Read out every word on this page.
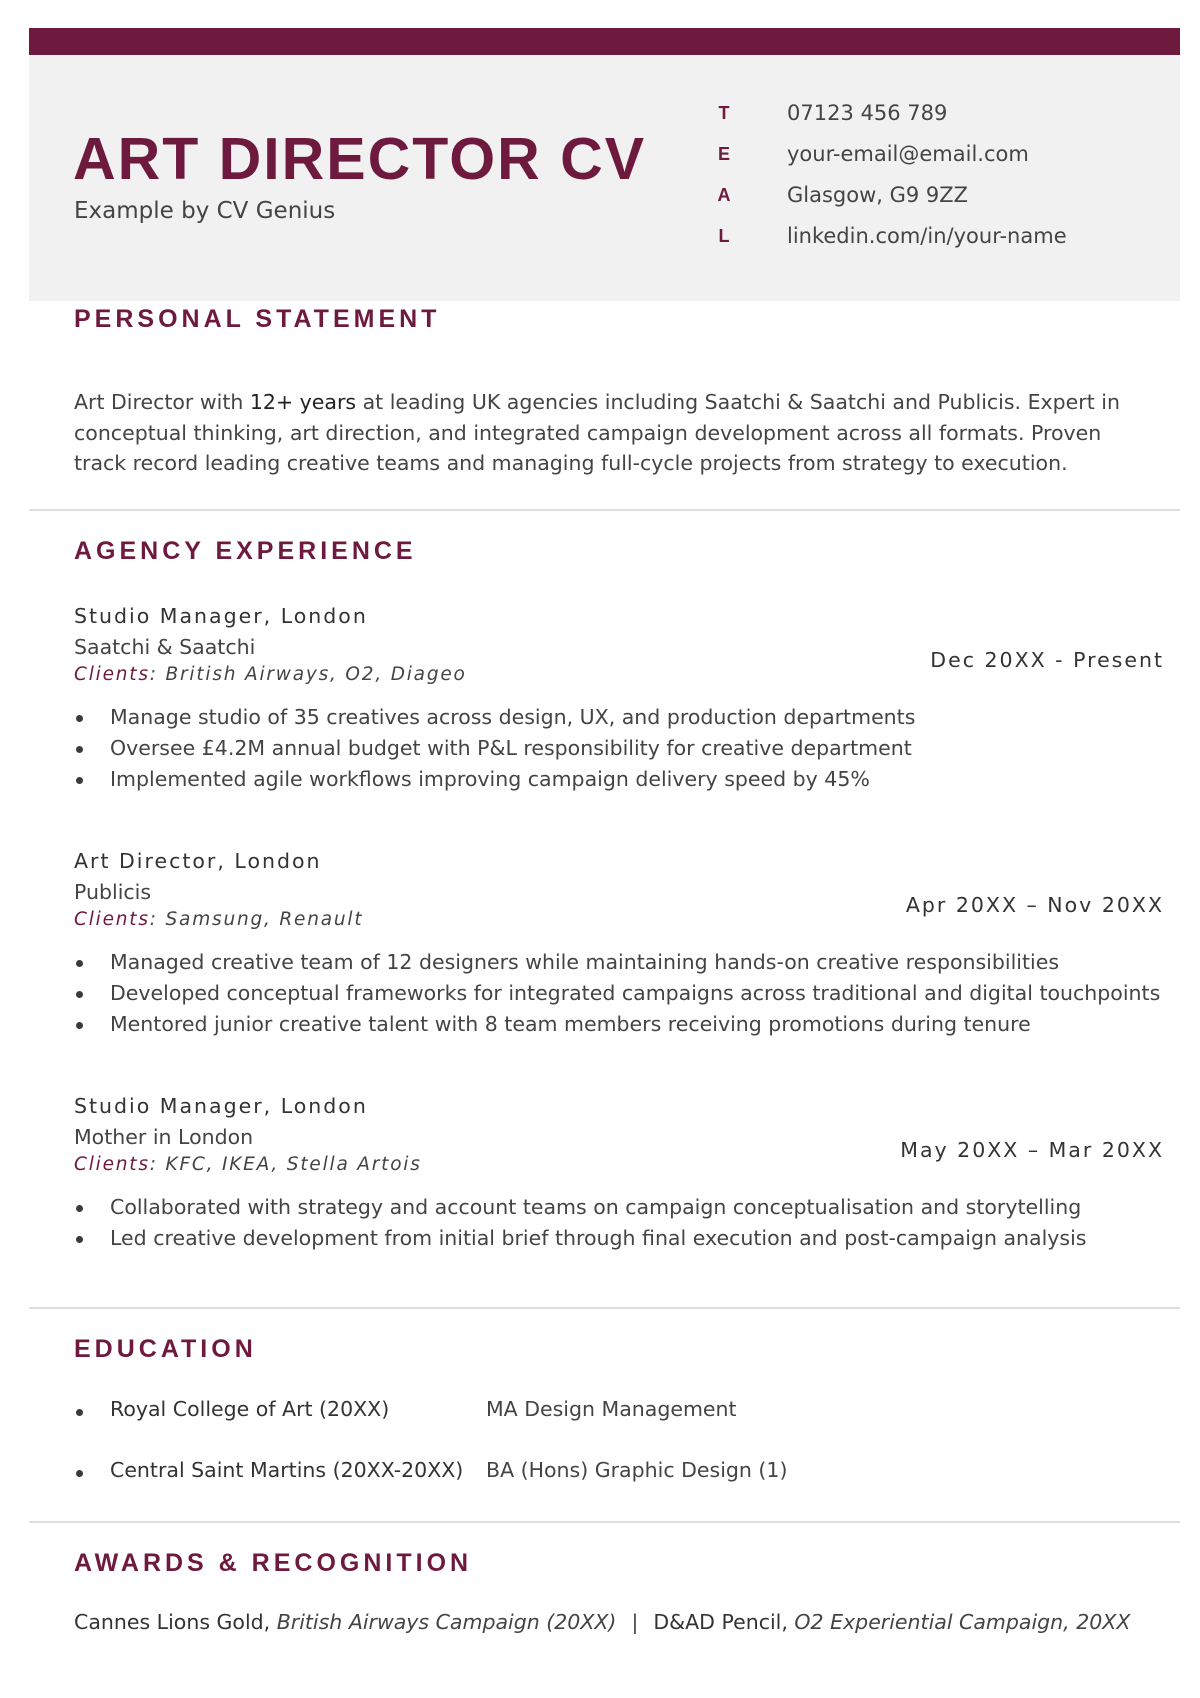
ART DIRECTOR CV
Example by CV Genius
T	07123 456 789
E	your-email@email.com
A	Glasgow, G9 9ZZ
L	linkedin.com/in/your-name
PERSONAL STATEMENT

Art Director with 12+ years at leading UK agencies including Saatchi & Saatchi and Publicis. Expert in conceptual thinking, art direction, and integrated campaign development across all formats. Proven track record leading creative teams and managing full-cycle projects from strategy to execution.

AGENCY EXPERIENCE
Studio Manager, London
Saatchi & Saatchi
Clients: British Airways, O2, Diageo
Dec 20XX - Present
Manage studio of 35 creatives across design, UX, and production departments
Oversee £4.2M annual budget with P&L responsibility for creative department
Implemented agile workflows improving campaign delivery speed by 45%
Art Director, London
Publicis
Clients: Samsung, Renault
Apr 20XX – Nov 20XX
Managed creative team of 12 designers while maintaining hands-on creative responsibilities
Developed conceptual frameworks for integrated campaigns across traditional and digital touchpoints
Mentored junior creative talent with 8 team members receiving promotions during tenure
Studio Manager, London
Mother in London
Clients: KFC, IKEA, Stella Artois
May 20XX – Mar 20XX
Collaborated with strategy and account teams on campaign conceptualisation and storytelling
Led creative development from initial brief through final execution and post-campaign analysis
EDUCATION
Royal College of Art (20XX)	MA Design Management
Central Saint Martins (20XX-20XX) BA (Hons) Graphic Design (1)
AWARDS & RECOGNITION
Cannes Lions Gold, British Airways Campaign (20XX) | D&AD Pencil, O2 Experiential Campaign, 20XX
